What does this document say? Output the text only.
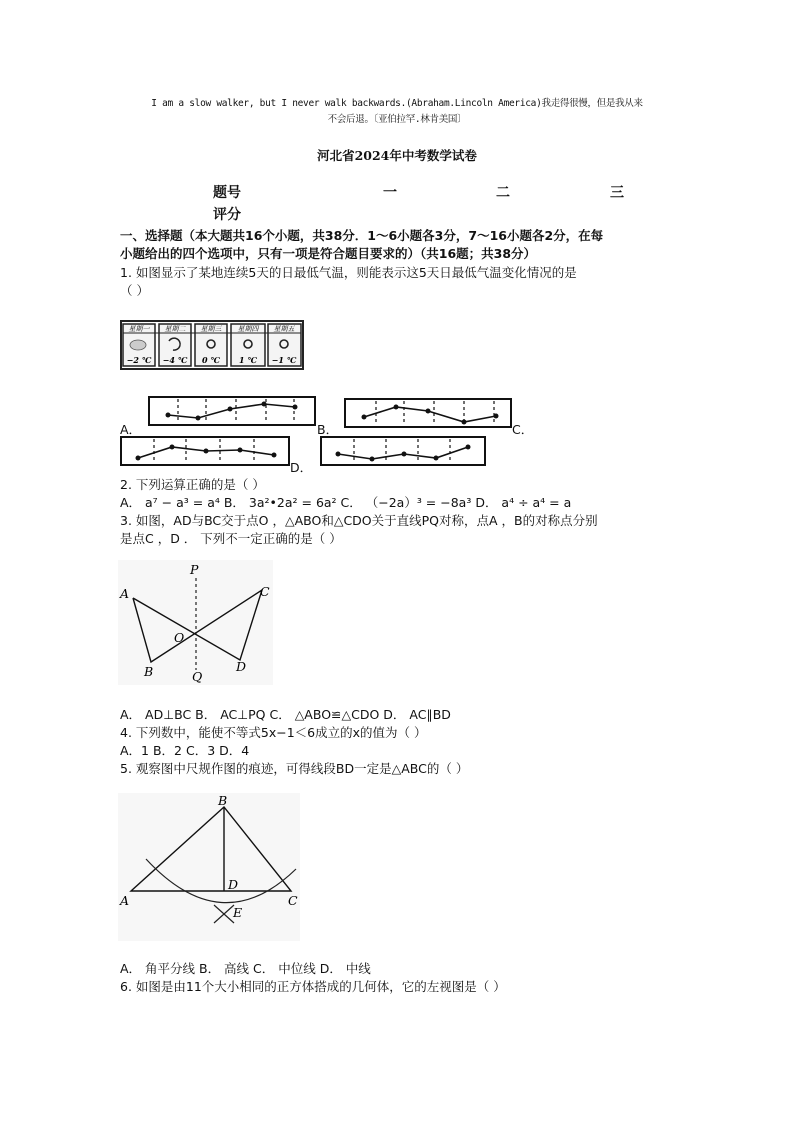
I am a slow walker, but I never walk backwards.(Abraham.Lincoln America)我走得很慢，但是我从来
不会后退。〔亚伯拉罕.林肯美国〕
河北省2024年中考数学试卷
题号	一	二	三
评分
一、选择题（本大题共16个小题，共38分．1～6小题各3分，7～16小题各2分，在每
小题给出的四个选项中，只有一项是符合题目要求的）（共16题；共38分）
1. 如图显示了某地连续5天的日最低气温，则能表示这5天日最低气温变化情况的是
（ ）
星期一 星期二 星期三 星期四 星期五
−2 ℃ −4 ℃ 0 ℃ 1 ℃ −1 ℃
A．	B．	C．
D．
2. 下列运算正确的是（ ）
A． a⁷ − a³ = a⁴ B． 3a²•2a² = 6a² C． （−2a）³ = −8a³ D． a⁴ ÷ a⁴ = a
3. 如图，AD与BC交于点O ，△ABO和△CDO关于直线PQ对称，点A ，B的对称点分别
是点C ，D ． 下列不一定正确的是（ ）
P
A	C
O
B	D
Q
A． AD⊥BC B． AC⊥PQ C． △ABO≌△CDO D． AC∥BD
4. 下列数中，能使不等式5x−1＜6成立的x的值为（ ）
A．1 B．2 C．3 D．4
5. 观察图中尺规作图的痕迹，可得线段BD一定是△ABC的（ ）
B
A	C
D
E
A． 角平分线 B． 高线 C． 中位线 D． 中线
6. 如图是由11个大小相同的正方体搭成的几何体，它的左视图是（ ）
